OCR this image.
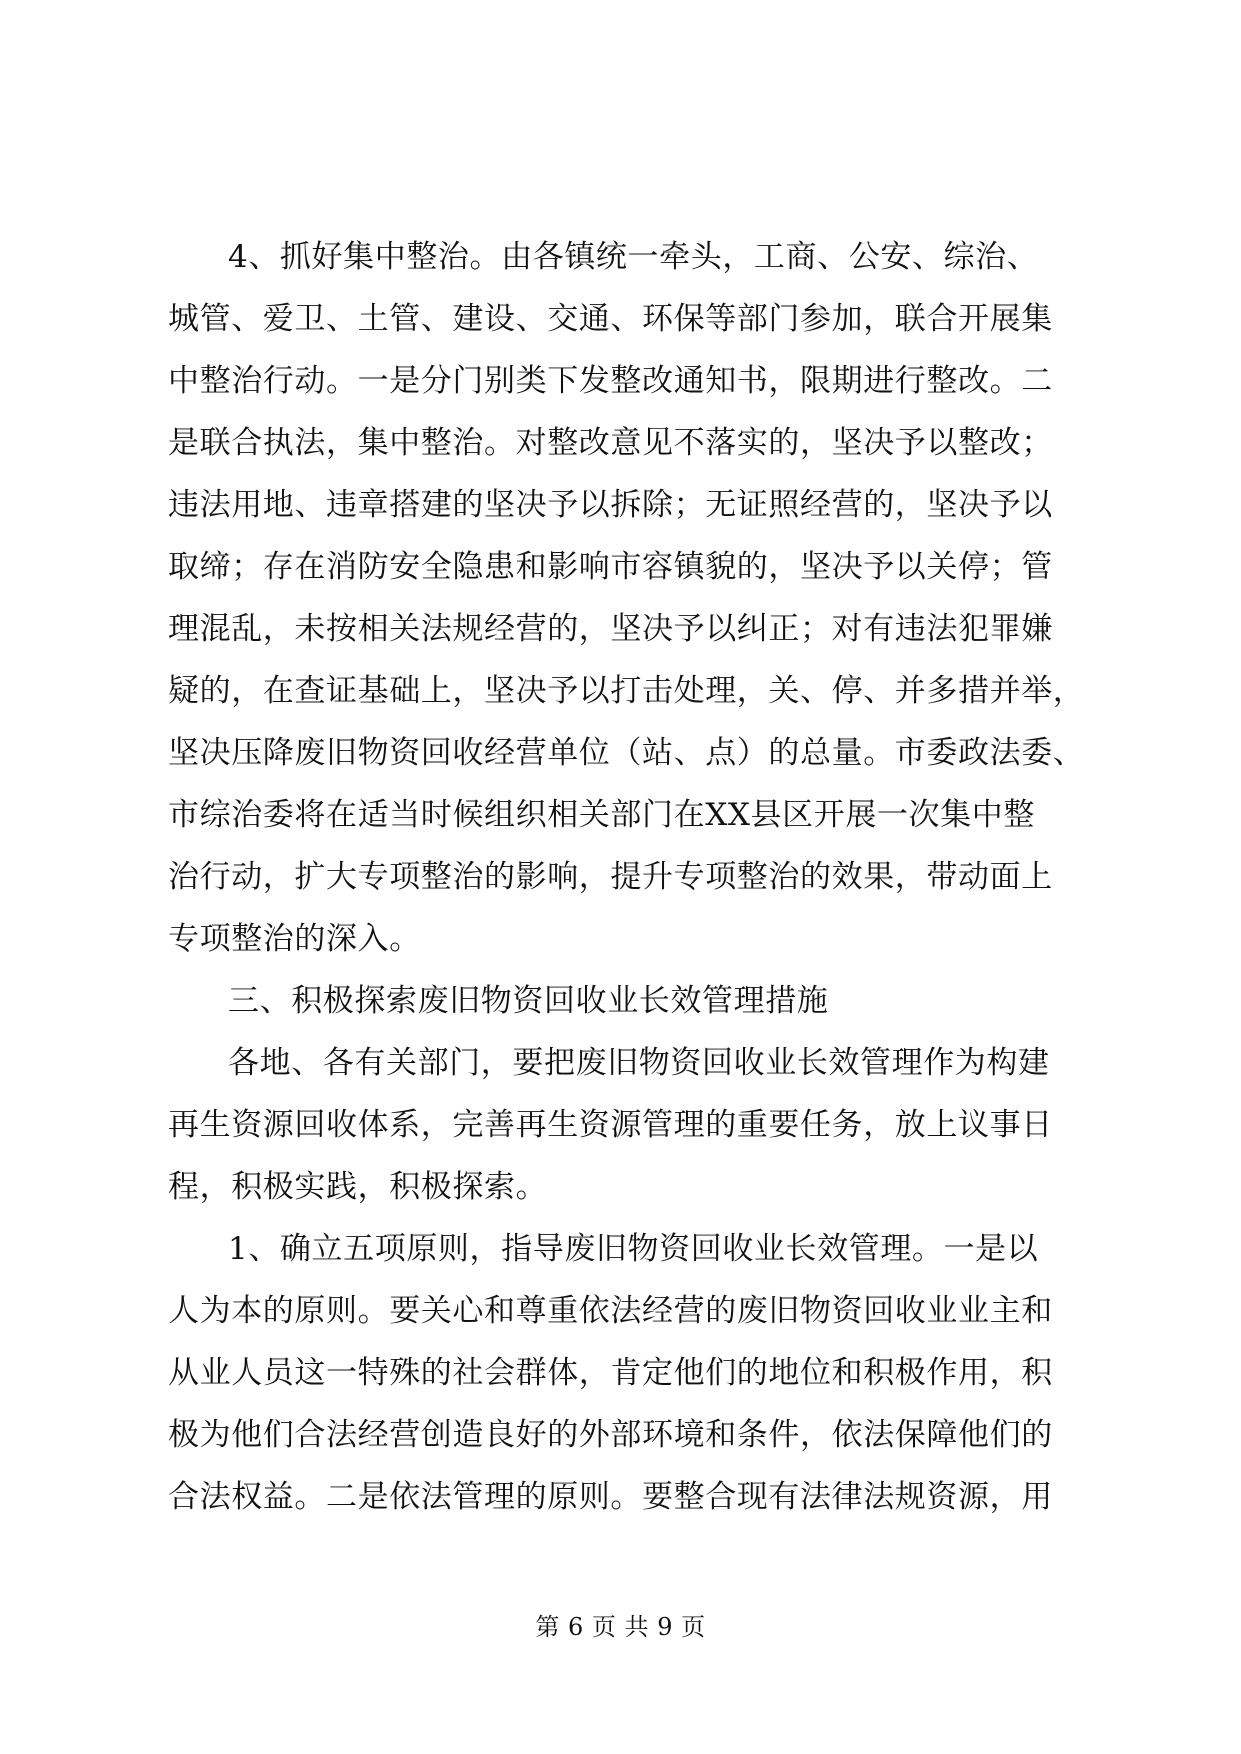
4、抓好集中整治。由各镇统一牵头，工商、公安、综治、
城管、爱卫、土管、建设、交通、环保等部门参加，联合开展集
中整治行动。一是分门别类下发整改通知书，限期进行整改。二
是联合执法，集中整治。对整改意见不落实的，坚决予以整改；
违法用地、违章搭建的坚决予以拆除；无证照经营的，坚决予以
取缔；存在消防安全隐患和影响市容镇貌的，坚决予以关停；管
理混乱，未按相关法规经营的，坚决予以纠正；对有违法犯罪嫌
疑的，在查证基础上，坚决予以打击处理，关、停、并多措并举，
坚决压降废旧物资回收经营单位（站、点）的总量。市委政法委、
市综治委将在适当时候组织相关部门在XX县区开展一次集中整
治行动，扩大专项整治的影响，提升专项整治的效果，带动面上
专项整治的深入。
三、积极探索废旧物资回收业长效管理措施
各地、各有关部门，要把废旧物资回收业长效管理作为构建
再生资源回收体系，完善再生资源管理的重要任务，放上议事日
程，积极实践，积极探索。
1、确立五项原则，指导废旧物资回收业长效管理。一是以
人为本的原则。要关心和尊重依法经营的废旧物资回收业业主和
从业人员这一特殊的社会群体，肯定他们的地位和积极作用，积
极为他们合法经营创造良好的外部环境和条件，依法保障他们的
合法权益。二是依法管理的原则。要整合现有法律法规资源，用
第 6 页 共 9 页
